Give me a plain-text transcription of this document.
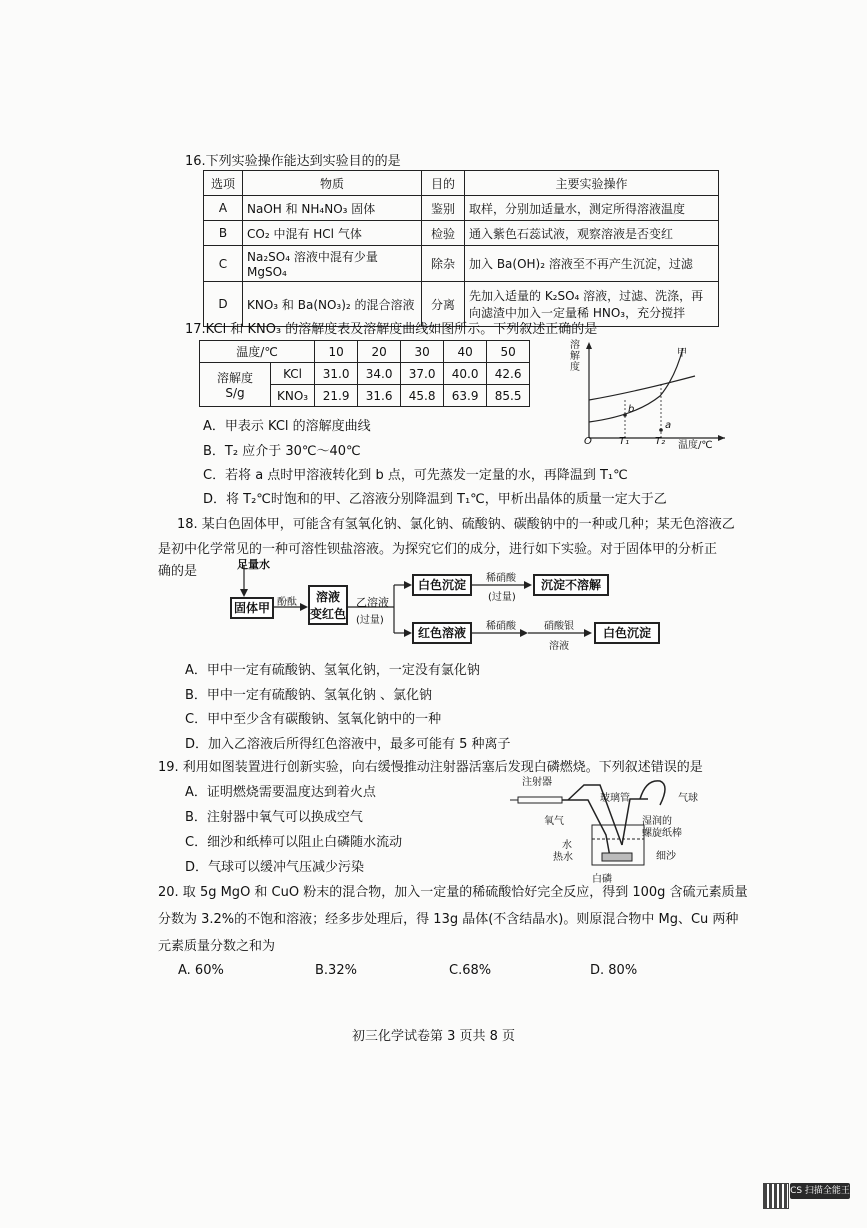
16.下列实验操作能达到实验目的的是
选项	物质	目的	主要实验操作
A	NaOH 和 NH₄NO₃ 固体	鉴别	取样，分别加适量水，测定所得溶液温度
B	CO₂ 中混有 HCl 气体	检验	通入紫色石蕊试液，观察溶液是否变红
C	Na₂SO₄ 溶液中混有少量 MgSO₄	除杂	加入 Ba(OH)₂ 溶液至不再产生沉淀，过滤
D	KNO₃ 和 Ba(NO₃)₂ 的混合溶液	分离	先加入适量的 K₂SO₄ 溶液，过滤、洗涤，再
向滤渣中加入一定量稀 HNO₃，充分搅拌
17.KCl 和 KNO₃ 的溶解度表及溶解度曲线如图所示。下列叙述正确的是
温度/℃		10	20	30	40	50
溶解度 S/g	KCl	31.0	34.0	37.0	40.0	42.6
	KNO₃	21.9	31.6	45.8	63.9	85.5
溶解度
甲
O	T₁	T₂ 温度/℃
a
b
A．甲表示 KCl 的溶解度曲线
B．T₂ 应介于 30℃～40℃
C．若将 a 点时甲溶液转化到 b 点，可先蒸发一定量的水，再降温到 T₁℃
D．将 T₂℃时饱和的甲、乙溶液分别降温到 T₁℃，甲析出晶体的质量一定大于乙
18. 某白色固体甲，可能含有氢氧化钠、氯化钠、硫酸钠、碳酸钠中的一种或几种；某无色溶液乙
是初中化学常见的一种可溶性钡盐溶液。为探究它们的成分，进行如下实验。对于固体甲的分析正
确的是	足量水
固体甲 酚酞	溶液
变红色
乙溶液
(过量)
白色沉淀	稀硝酸
(过量)
沉淀不溶解
红色溶液	稀硝酸	硝酸银
溶液
白色沉淀
A．甲中一定有硫酸钠、氢氧化钠，一定没有氯化钠
B．甲中一定有硫酸钠、氢氧化钠 、氯化钠
C．甲中至少含有碳酸钠、氢氧化钠中的一种
D．加入乙溶液后所得红色溶液中，最多可能有 5 种离子
19. 利用如图装置进行创新实验，向右缓慢推动注射器活塞后发现白磷燃烧。下列叙述错误的是
A．证明燃烧需要温度达到着火点
B．注射器中氧气可以换成空气
C．细沙和纸棒可以阻止白磷随水流动
D．气球可以缓冲气压减少污染
注射器
玻璃管	气球
氧气	湿润的
螺旋纸棒
水
热水	细沙
白磷
20. 取 5g MgO 和 CuO 粉末的混合物，加入一定量的稀硫酸恰好完全反应，得到 100g 含硫元素质量
分数为 3.2%的不饱和溶液；经多步处理后，得 13g 晶体(不含结晶水)。则原混合物中 Mg、Cu 两种
元素质量分数之和为
A. 60%	B.32%	C.68%	D. 80%
初三化学试卷第 3 页共 8 页
CS 扫描全能王
